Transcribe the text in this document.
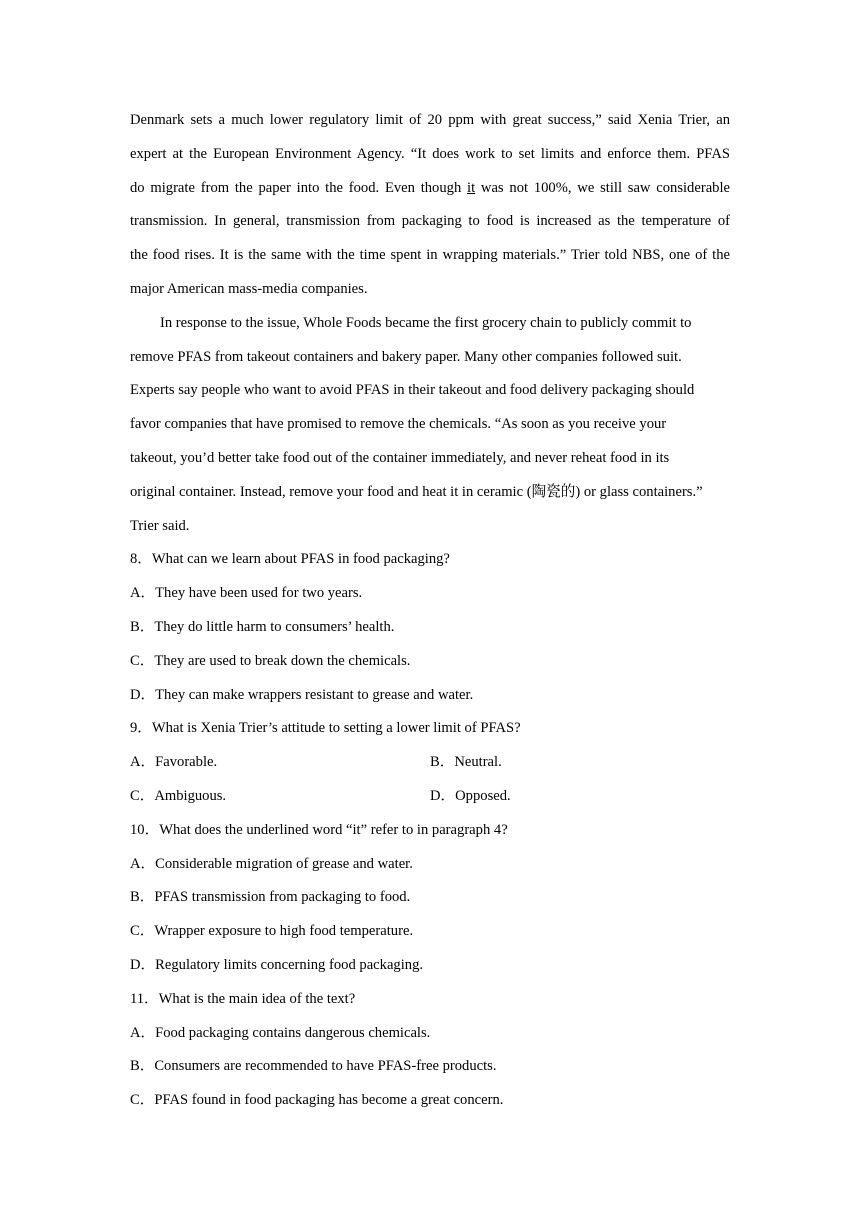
Denmark sets a much lower regulatory limit of 20 ppm with great success,” said Xenia Trier, an
expert at the European Environment Agency. “It does work to set limits and enforce them. PFAS
do migrate from the paper into the food. Even though it was not 100%, we still saw considerable
transmission. In general, transmission from packaging to food is increased as the temperature of
the food rises. It is the same with the time spent in wrapping materials.” Trier told NBS, one of the
major American mass-media companies.
In response to the issue, Whole Foods became the first grocery chain to publicly commit to
remove PFAS from takeout containers and bakery paper. Many other companies followed suit.
Experts say people who want to avoid PFAS in their takeout and food delivery packaging should
favor companies that have promised to remove the chemicals. “As soon as you receive your
takeout, you’d better take food out of the container immediately, and never reheat food in its
original container. Instead, remove your food and heat it in ceramic (陶瓷的) or glass containers.”
Trier said.
8．What can we learn about PFAS in food packaging?
A．They have been used for two years.
B．They do little harm to consumers’ health.
C．They are used to break down the chemicals.
D．They can make wrappers resistant to grease and water.
9．What is Xenia Trier’s attitude to setting a lower limit of PFAS?
A．Favorable.	B．Neutral.
C．Ambiguous.	D．Opposed.
10．What does the underlined word “it” refer to in paragraph 4?
A．Considerable migration of grease and water.
B．PFAS transmission from packaging to food.
C．Wrapper exposure to high food temperature.
D．Regulatory limits concerning food packaging.
11．What is the main idea of the text?
A．Food packaging contains dangerous chemicals.
B．Consumers are recommended to have PFAS-free products.
C．PFAS found in food packaging has become a great concern.
